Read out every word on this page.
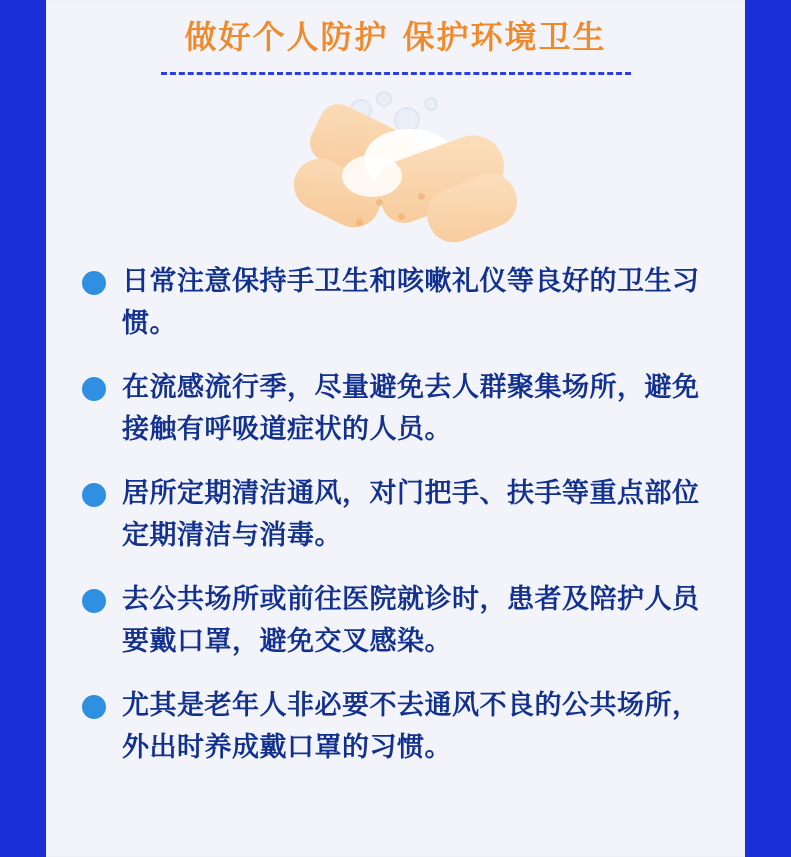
做好个人防护 保护环境卫生
日常注意保持手卫生和咳嗽礼仪等良好的卫生习惯。
在流感流行季，尽量避免去人群聚集场所，避免接触有呼吸道症状的人员。
居所定期清洁通风，对门把手、扶手等重点部位定期清洁与消毒。
去公共场所或前往医院就诊时，患者及陪护人员要戴口罩，避免交叉感染。
尤其是老年人非必要不去通风不良的公共场所，外出时养成戴口罩的习惯。
